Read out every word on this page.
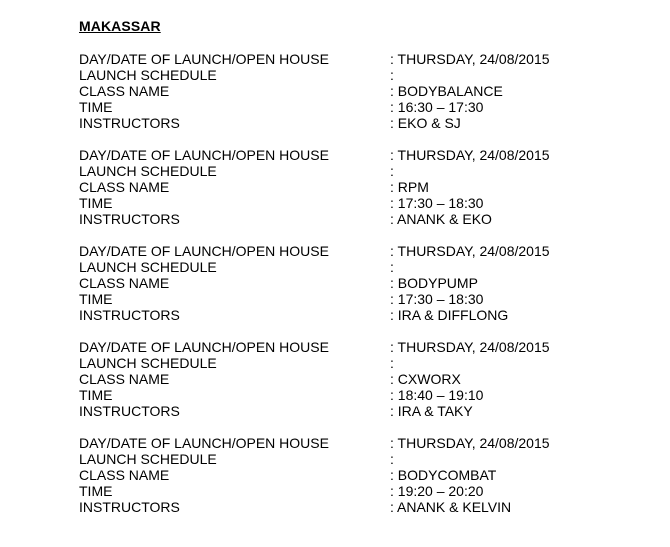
MAKASSAR
DAY/DATE OF LAUNCH/OPEN HOUSE	: THURSDAY, 24/08/2015
LAUNCH SCHEDULE	:
CLASS NAME	: BODYBALANCE
TIME	: 16:30 – 17:30
INSTRUCTORS	: EKO & SJ
DAY/DATE OF LAUNCH/OPEN HOUSE	: THURSDAY, 24/08/2015
LAUNCH SCHEDULE	:
CLASS NAME	: RPM
TIME	: 17:30 – 18:30
INSTRUCTORS	: ANANK & EKO
DAY/DATE OF LAUNCH/OPEN HOUSE	: THURSDAY, 24/08/2015
LAUNCH SCHEDULE	:
CLASS NAME	: BODYPUMP
TIME	: 17:30 – 18:30
INSTRUCTORS	: IRA & DIFFLONG
DAY/DATE OF LAUNCH/OPEN HOUSE	: THURSDAY, 24/08/2015
LAUNCH SCHEDULE	:
CLASS NAME	: CXWORX
TIME	: 18:40 – 19:10
INSTRUCTORS	: IRA & TAKY
DAY/DATE OF LAUNCH/OPEN HOUSE	: THURSDAY, 24/08/2015
LAUNCH SCHEDULE	:
CLASS NAME	: BODYCOMBAT
TIME	: 19:20 – 20:20
INSTRUCTORS	: ANANK & KELVIN
